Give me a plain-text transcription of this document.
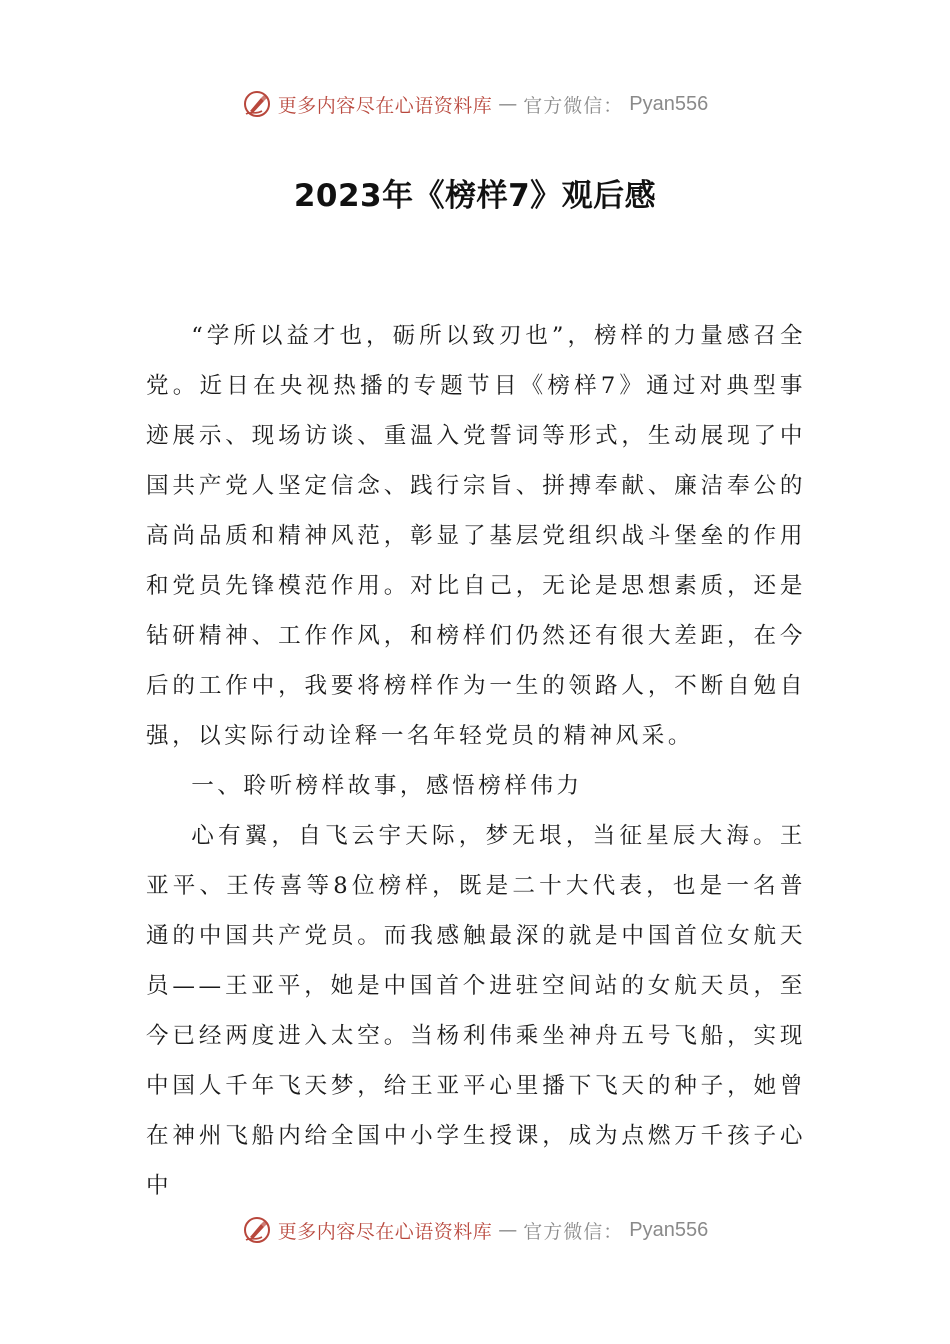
更多内容尽在心语资料库 — 官方微信： Pyan556
2023年《榜样7》观后感

“学所以益才也，砺所以致刃也”，榜样的力量感召全党。近日在央视热播的专题节目《榜样7》通过对典型事迹展示、现场访谈、重温入党誓词等形式，生动展现了中国共产党人坚定信念、践行宗旨、拼搏奉献、廉洁奉公的高尚品质和精神风范，彰显了基层党组织战斗堡垒的作用和党员先锋模范作用。对比自己，无论是思想素质，还是钻研精神、工作作风，和榜样们仍然还有很大差距，在今后的工作中，我要将榜样作为一生的领路人，不断自勉自强，以实际行动诠释一名年轻党员的精神风采。

一、聆听榜样故事，感悟榜样伟力

心有翼，自飞云宇天际，梦无垠，当征星辰大海。王亚平、王传喜等8位榜样，既是二十大代表，也是一名普通的中国共产党员。而我感触最深的就是中国首位女航天员——王亚平，她是中国首个进驻空间站的女航天员，至今已经两度进入太空。当杨利伟乘坐神舟五号飞船，实现中国人千年飞天梦，给王亚平心里播下飞天的种子，她曾在神州飞船内给全国中小学生授课，成为点燃万千孩子心中

更多内容尽在心语资料库 — 官方微信： Pyan556
